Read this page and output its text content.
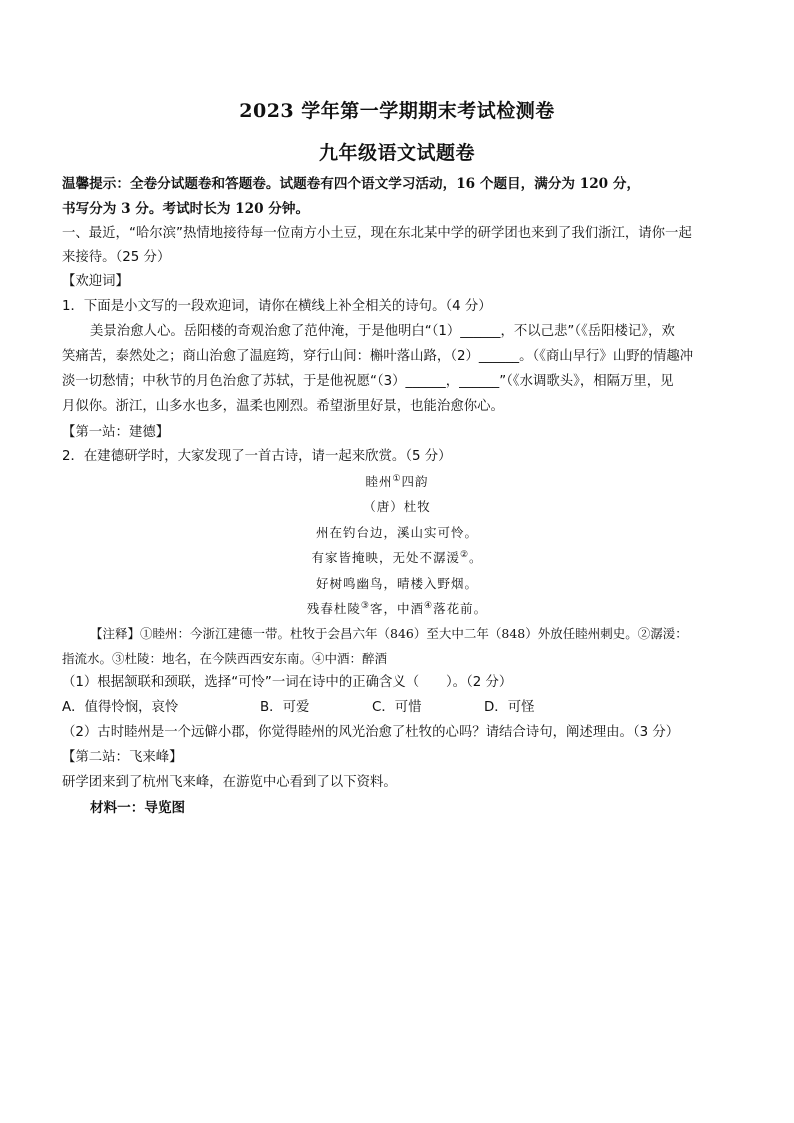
2023 学年第一学期期末考试检测卷
九年级语文试题卷
温馨提示：全卷分试题卷和答题卷。试题卷有四个语文学习活动，16 个题目，满分为 120 分，
书写分为 3 分。考试时长为 120 分钟。
一、最近，“哈尔滨”热情地接待每一位南方小土豆，现在东北某中学的研学团也来到了我们浙江，请你一起
来接待。（25 分）
【欢迎词】
1．下面是小文写的一段欢迎词，请你在横线上补全相关的诗句。（4 分）
美景治愈人心。岳阳楼的奇观治愈了范仲淹，于是他明白“（1）______，不以己悲”（《岳阳楼记》，欢
笑痛苦，泰然处之；商山治愈了温庭筠，穿行山间：槲叶落山路，（2）______。（《商山早行》山野的情趣冲
淡一切愁情；中秋节的月色治愈了苏轼，于是他祝愿“（3）______，______”（《水调歌头》，相隔万里，见
月似你。浙江，山多水也多，温柔也刚烈。希望浙里好景，也能治愈你心。
【第一站：建德】
2．在建德研学时，大家发现了一首古诗，请一起来欣赏。（5 分）
睦州①四韵
（唐）杜牧
州在钓台边，溪山实可怜。
有家皆掩映，无处不潺湲②。
好树鸣幽鸟，晴楼入野烟。
残春杜陵③客，中酒④落花前。
【注释】①睦州：今浙江建德一带。杜牧于会昌六年（846）至大中二年（848）外放任睦州刺史。②潺湲：
指流水。③杜陵：地名，在今陕西西安东南。④中酒：醉酒
（1）根据颔联和颈联，选择“可怜”一词在诗中的正确含义（　　）。（2 分）
A．值得怜悯，哀怜	B．可爱	C．可惜	D．可怪
（2）古时睦州是一个远僻小郡，你觉得睦州的风光治愈了杜牧的心吗？请结合诗句，阐述理由。（3 分）
【第二站：飞来峰】
研学团来到了杭州飞来峰，在游览中心看到了以下资料。
材料一：导览图
